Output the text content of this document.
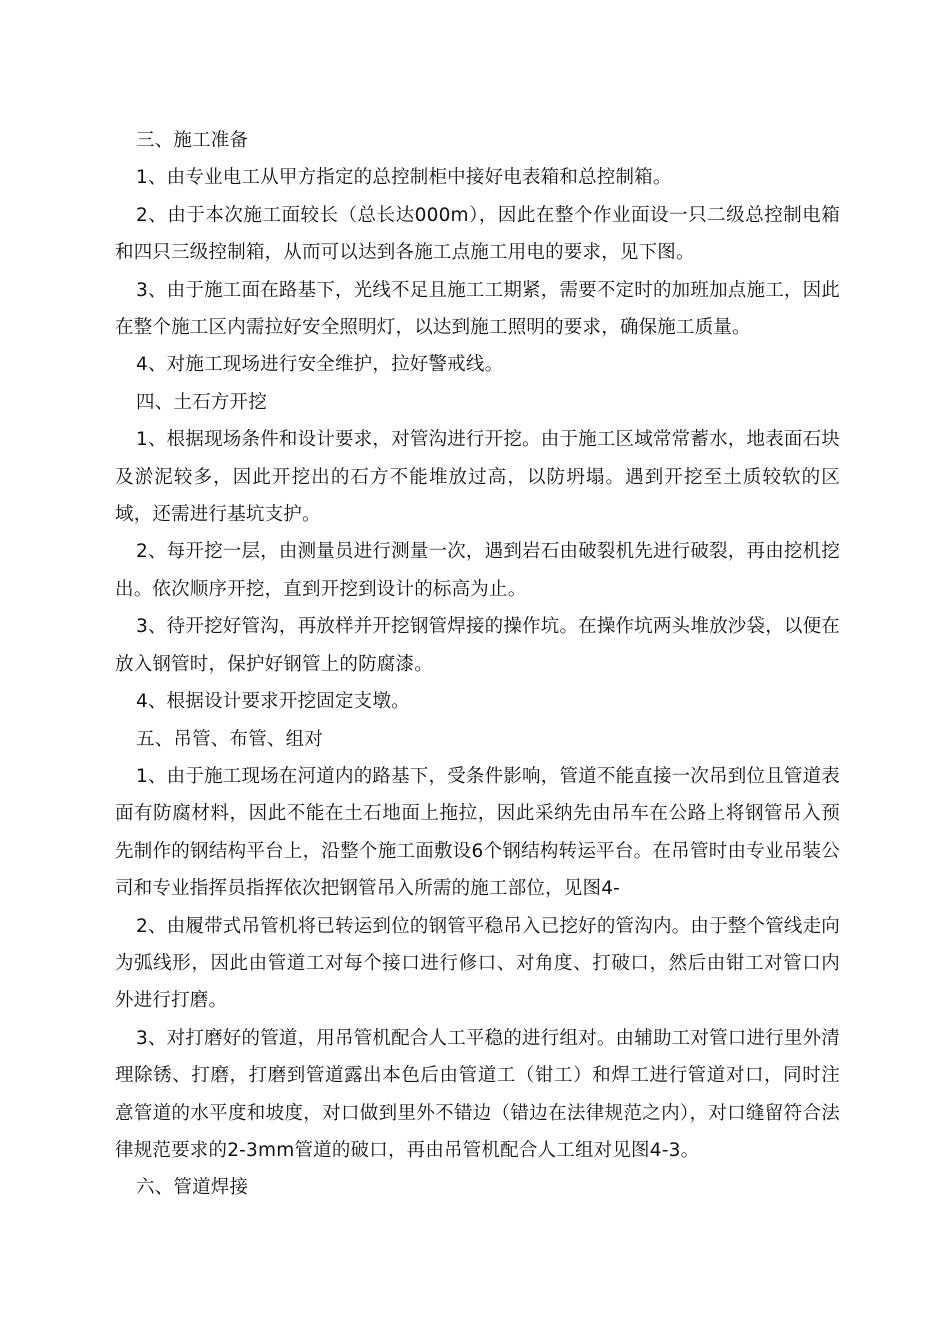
三、施工准备

1、由专业电工从甲方指定的总控制柜中接好电表箱和总控制箱。

2、由于本次施工面较长（总长达000m），因此在整个作业面设一只二级总控制电箱和四只三级控制箱，从而可以达到各施工点施工用电的要求，见下图。

3、由于施工面在路基下，光线不足且施工工期紧，需要不定时的加班加点施工，因此在整个施工区内需拉好安全照明灯，以达到施工照明的要求，确保施工质量。

4、对施工现场进行安全维护，拉好警戒线。

四、土石方开挖

1、根据现场条件和设计要求，对管沟进行开挖。由于施工区域常常蓄水，地表面石块及淤泥较多，因此开挖出的石方不能堆放过高，以防坍塌。遇到开挖至土质较软的区域，还需进行基坑支护。

2、每开挖一层，由测量员进行测量一次，遇到岩石由破裂机先进行破裂，再由挖机挖出。依次顺序开挖，直到开挖到设计的标高为止。

3、待开挖好管沟，再放样并开挖钢管焊接的操作坑。在操作坑两头堆放沙袋，以便在放入钢管时，保护好钢管上的防腐漆。

4、根据设计要求开挖固定支墩。

五、吊管、布管、组对

1、由于施工现场在河道内的路基下，受条件影响，管道不能直接一次吊到位且管道表面有防腐材料，因此不能在土石地面上拖拉，因此采纳先由吊车在公路上将钢管吊入预先制作的钢结构平台上，沿整个施工面敷设6个钢结构转运平台。在吊管时由专业吊装公司和专业指挥员指挥依次把钢管吊入所需的施工部位，见图4-

2、由履带式吊管机将已转运到位的钢管平稳吊入已挖好的管沟内。由于整个管线走向为弧线形，因此由管道工对每个接口进行修口、对角度、打破口，然后由钳工对管口内外进行打磨。

3、对打磨好的管道，用吊管机配合人工平稳的进行组对。由辅助工对管口进行里外清理除锈、打磨，打磨到管道露出本色后由管道工（钳工）和焊工进行管道对口，同时注意管道的水平度和坡度，对口做到里外不错边（错边在法律规范之内），对口缝留符合法律规范要求的2-3mm管道的破口，再由吊管机配合人工组对见图4-3。

六、管道焊接
